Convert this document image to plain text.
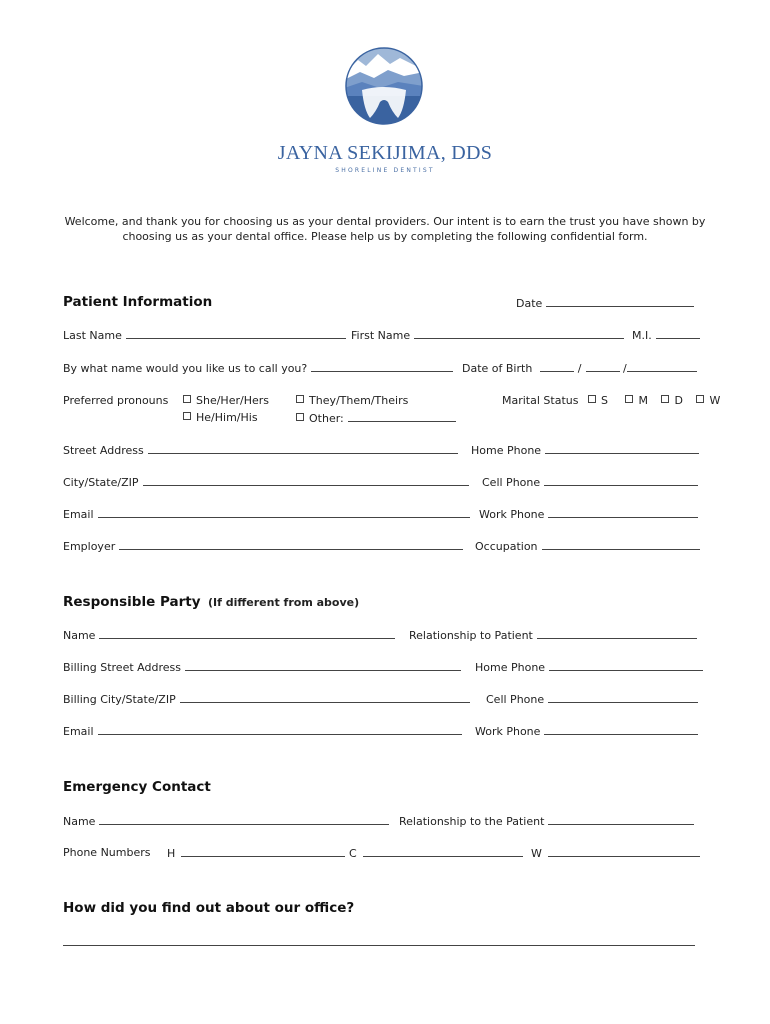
JAYNA SEKIJIMA, DDS
SHORELINE DENTIST
Welcome, and thank you for choosing us as your dental providers. Our intent is to earn the trust you have shown by choosing us as your dental office. Please help us by completing the following confidential form.
Patient Information	Date
Last Name	First Name	M.I.
By what name would you like us to call you?	Date of Birth	/	/
Preferred pronouns	She/Her/Hers
He/Him/His
They/Them/Theirs
Other:
Marital Status S	M D W
Street Address	Home Phone
City/State/ZIP	Cell Phone
Email	Work Phone
Employer	Occupation
Responsible Party (If different from above)
Name	Relationship to Patient
Billing Street Address	Home Phone
Billing City/State/ZIP	Cell Phone
Email	Work Phone
Emergency Contact
Name	Relationship to the Patient
Phone Numbers H	C	W
How did you find out about our office?
